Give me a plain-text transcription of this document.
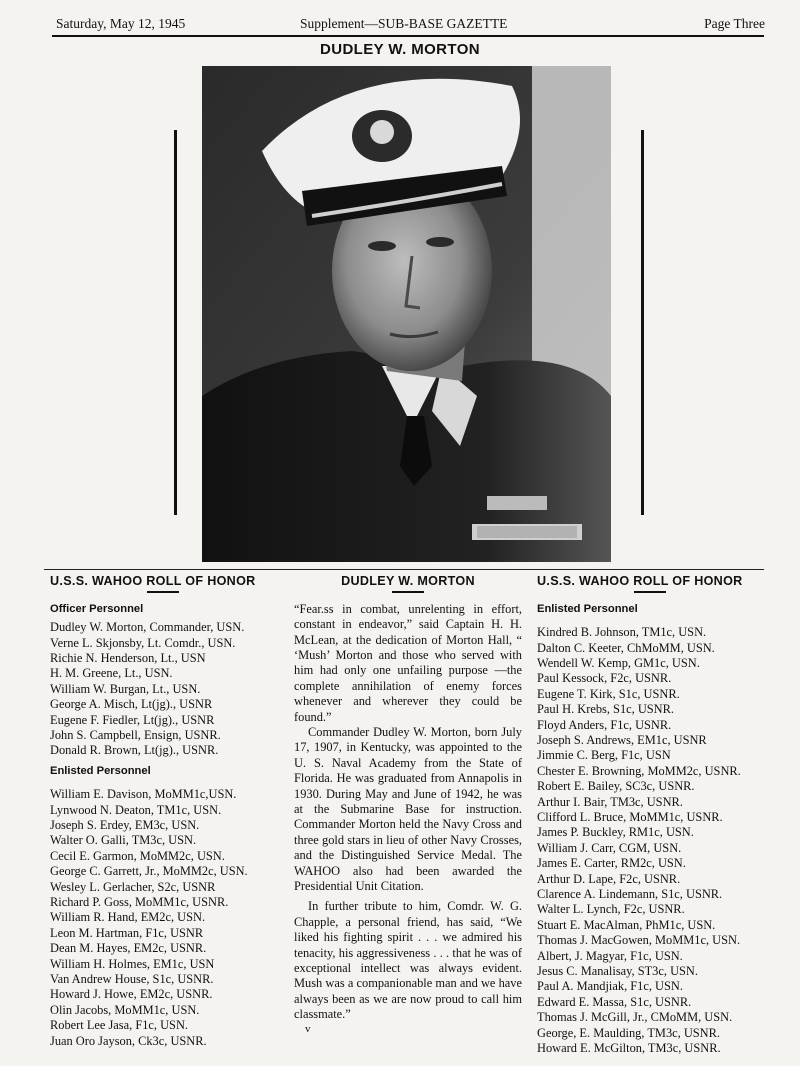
Saturday, May 12, 1945	Supplement—SUB-BASE GAZETTE	Page Three
DUDLEY W. MORTON
U.S.S. WAHOO ROLL OF HONOR
Officer Personnel
Dudley W. Morton, Commander, USN.
Verne L. Skjonsby, Lt. Comdr., USN.
Richie N. Henderson, Lt., USN
H. M. Greene, Lt., USN.
William W. Burgan, Lt., USN.
George A. Misch, Lt(jg)., USNR
Eugene F. Fiedler, Lt(jg)., USNR
John S. Campbell, Ensign, USNR.
Donald R. Brown, Lt(jg)., USNR.
Enlisted Personnel
William E. Davison, MoMM1c,USN.
Lynwood N. Deaton, TM1c, USN.
Joseph S. Erdey, EM3c, USN.
Walter O. Galli, TM3c, USN.
Cecil E. Garmon, MoMM2c, USN.
George C. Garrett, Jr., MoMM2c, USN.
Wesley L. Gerlacher, S2c, USNR
Richard P. Goss, MoMM1c, USNR.
William R. Hand, EM2c, USN.
Leon M. Hartman, F1c, USNR
Dean M. Hayes, EM2c, USNR.
William H. Holmes, EM1c, USN
Van Andrew House, S1c, USNR.
Howard J. Howe, EM2c, USNR.
Olin Jacobs, MoMM1c, USN.
Robert Lee Jasa, F1c, USN.
Juan Oro Jayson, Ck3c, USNR.
DUDLEY W. MORTON

“Fear.ss in combat, unrelenting in effort, constant in endeavor,” said Captain H. H. McLean, at the dedication of Morton Hall, “ ‘Mush’ Morton and those who served with him had only one unfailing purpose —the complete annihilation of enemy forces whenever and wherever they could be found.”

Commander Dudley W. Morton, born July 17, 1907, in Kentucky, was appointed to the U. S. Naval Academy from the State of Florida. He was graduated from Annapolis in 1930. During May and June of 1942, he was at the Submarine Base for instruction. Commander Morton held the Navy Cross and three gold stars in lieu of other Navy Crosses, and the Distinguished Service Medal. The WAHOO also had been awarded the Presidential Unit Citation.

In further tribute to him, Comdr. W. G. Chapple, a personal friend, has said, “We liked his fighting spirit . . . we admired his tenacity, his aggressiveness . . . that he was of exceptional intellect was always evident. Mush was a companionable man and we have always been as we are now proud to call him classmate.”

U.S.S. WAHOO ROLL OF HONOR
Enlisted Personnel
Kindred B. Johnson, TM1c, USN.
Dalton C. Keeter, ChMoMM, USN.
Wendell W. Kemp, GM1c, USN.
Paul Kessock, F2c, USNR.
Eugene T. Kirk, S1c, USNR.
Paul H. Krebs, S1c, USNR.
Floyd Anders, F1c, USNR.
Joseph S. Andrews, EM1c, USNR
Jimmie C. Berg, F1c, USN
Chester E. Browning, MoMM2c, USNR.
Robert E. Bailey, SC3c, USNR.
Arthur I. Bair, TM3c, USNR.
Clifford L. Bruce, MoMM1c, USNR.
James P. Buckley, RM1c, USN.
William J. Carr, CGM, USN.
James E. Carter, RM2c, USN.
Arthur D. Lape, F2c, USNR.
Clarence A. Lindemann, S1c, USNR.
Walter L. Lynch, F2c, USNR.
Stuart E. MacAlman, PhM1c, USN.
Thomas J. MacGowen, MoMM1c, USN.
Albert, J. Magyar, F1c, USN.
Jesus C. Manalisay, ST3c, USN.
Paul A. Mandjiak, F1c, USN.
Edward E. Massa, S1c, USNR.
Thomas J. McGill, Jr., CMoMM, USN.
George, E. Maulding, TM3c, USNR.
Howard E. McGilton, TM3c, USNR.
v
